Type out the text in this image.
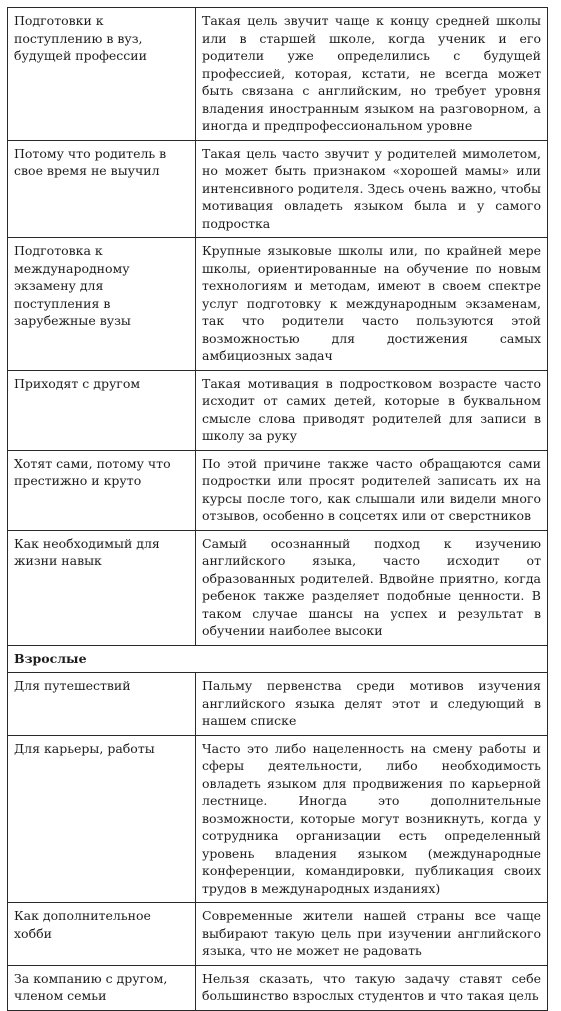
Подготовки к поступлению в вуз, будущей профессии	Такая цель звучит чаще к концу средней школы или в старшей школе, когда ученик и его родители уже определились с будущей профессией, которая, кстати, не всегда может быть связана с английским, но требует уровня владения иностранным языком на разговорном, а иногда и предпрофессиональном уровне
Потому что родитель в свое время не выучил	Такая цель часто звучит у родителей мимолетом, но может быть признаком «хорошей мамы» или интенсивного родителя. Здесь очень важно, чтобы мотивация овладеть языком была и у самого подростка
Подготовка к международному экзамену для поступления в зарубежные вузы	Крупные языковые школы или, по крайней мере школы, ориентированные на обучение по новым технологиям и методам, имеют в своем спектре услуг подготовку к международным экзаменам, так что родители часто пользуются этой возможностью для достижения самых амбициозных задач
Приходят с другом	Такая мотивация в подростковом возрасте часто исходит от самих детей, которые в буквальном смысле слова приводят родителей для записи в школу за руку
Хотят сами, потому что престижно и круто	По этой причине также часто обращаются сами подростки или просят родителей записать их на курсы после того, как слышали или видели много отзывов, особенно в соцсетях или от сверстников
Как необходимый для жизни навык	Самый осознанный подход к изучению английского языка, часто исходит от образованных родителей. Вдвойне приятно, когда ребенок также разделяет подобные ценности. В таком случае шансы на успех и результат в обучении наиболее высоки
Взрослые	
Для путешествий	Пальму первенства среди мотивов изучения английского языка делят этот и следующий в нашем списке
Для карьеры, работы	Часто это либо нацеленность на смену работы и сферы деятельности, либо необходимость овладеть языком для продвижения по карьерной лестнице. Иногда это дополнительные возможности, которые могут возникнуть, когда у сотрудника организации есть определенный уровень владения языком (международные конференции, командировки, публикация своих трудов в международных изданиях)
Как дополнительное хобби	Современные жители нашей страны все чаще выбирают такую цель при изучении английского языка, что не может не радовать
За компанию с другом, членом семьи	Нельзя сказать, что такую задачу ставят себе большинство взрослых студентов и что такая цель
